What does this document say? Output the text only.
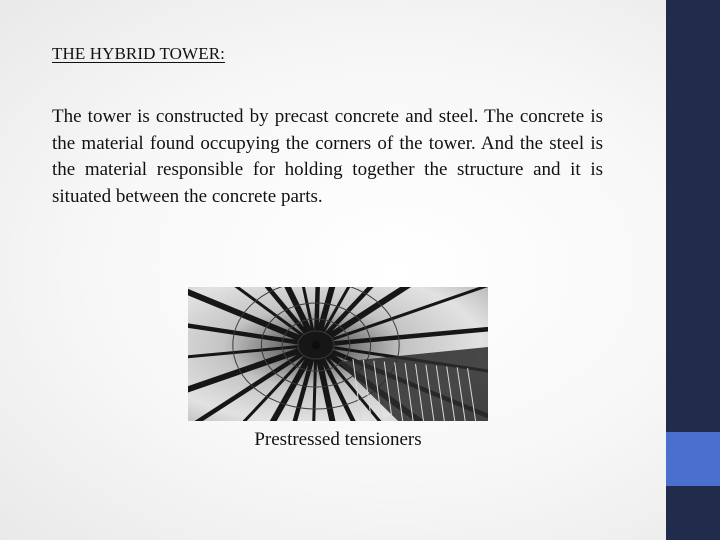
THE HYBRID TOWER:

The tower is constructed by precast concrete and steel. The concrete is the material found occupying the corners of the tower. And the steel is the material responsible for holding together the structure and it is situated between the concrete parts.

Prestressed tensioners
